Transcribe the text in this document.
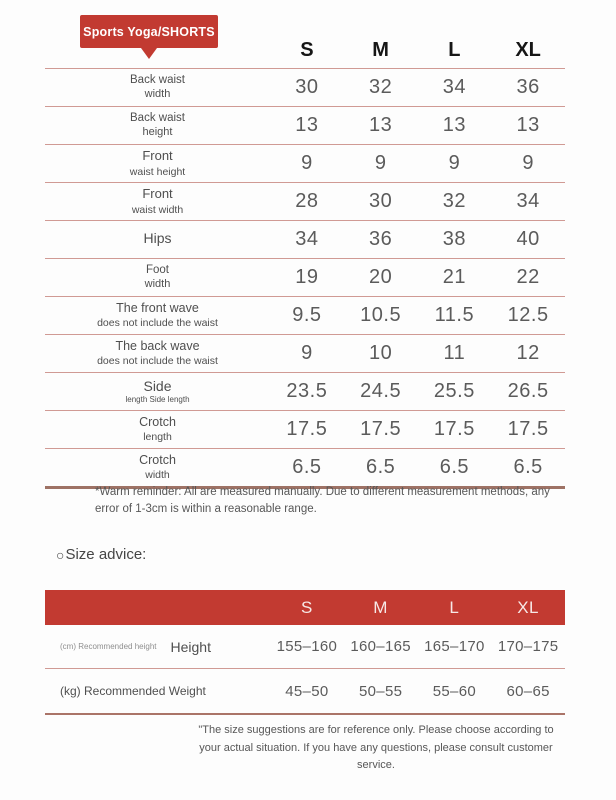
Sports Yoga/SHORTS
S	M	L	XL
Back waist
width	30	32	34	36
Back waist
height	13	13	13	13
Front
waist height	9	9	9	9
Front
waist width	28	30	32	34
Hips	34	36	38	40
Foot
width	19	20	21	22
The front wave
does not include the waist	9.5	10.5	11.5	12.5
The back wave
does not include the waist	9	10	11	12
Side
length Side length	23.5	24.5	25.5	26.5
Crotch
length	17.5	17.5	17.5	17.5
Crotch
width	6.5	6.5	6.5	6.5
*Warm reminder: All are measured manually. Due to different measurement methods, any error of 1-3cm is within a reasonable range.
○ Size advice:
S	M	L	XL
(cm) Recommended height Height	155–160 160–165 165–170 170–175
(kg) Recommended Weight	45–50	50–55	55–60	60–65
"The size suggestions are for reference only. Please choose according to your actual situation. If you have any questions, please consult customer service.
